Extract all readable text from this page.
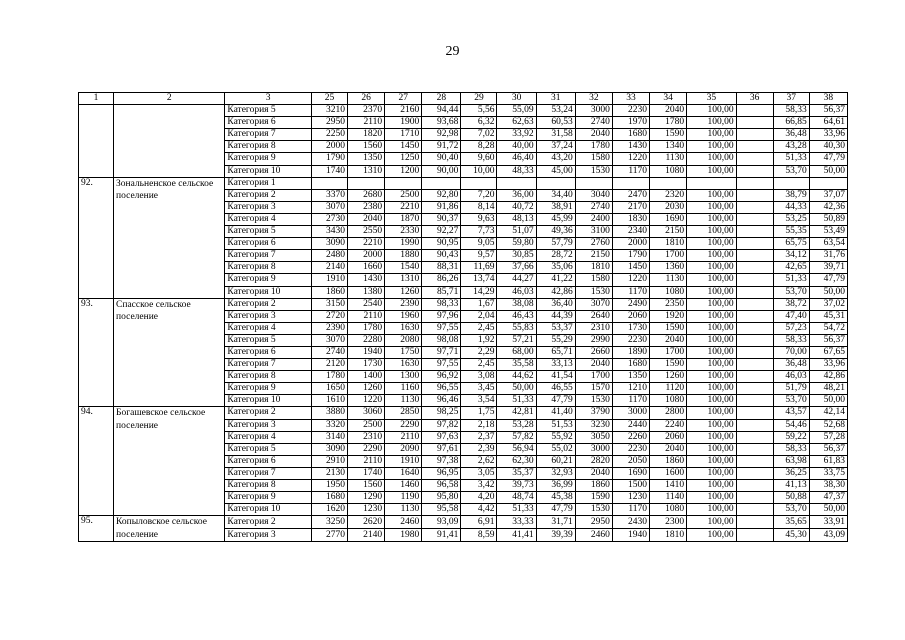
29
1	2	3	25	26	27	28	29	30	31	32	33	34	35	36	37	38
		Категория 5	3210	2370	2160	94,44	5,56	55,09	53,24	3000	2230	2040	100,00		58,33	56,37
		Категория 6	2950	2110	1900	93,68	6,32	62,63	60,53	2740	1970	1780	100,00		66,85	64,61
		Категория 7	2250	1820	1710	92,98	7,02	33,92	31,58	2040	1680	1590	100,00		36,48	33,96
		Категория 8	2000	1560	1450	91,72	8,28	40,00	37,24	1780	1430	1340	100,00		43,28	40,30
		Категория 9	1790	1350	1250	90,40	9,60	46,40	43,20	1580	1220	1130	100,00		51,33	47,79
		Категория 10	1740	1310	1200	90,00	10,00	48,33	45,00	1530	1170	1080	100,00		53,70	50,00
92.	Зональненское сельское поселение	Категория 1														
		Категория 2	3370	2680	2500	92,80	7,20	36,00	34,40	3040	2470	2320	100,00		38,79	37,07
		Категория 3	3070	2380	2210	91,86	8,14	40,72	38,91	2740	2170	2030	100,00		44,33	42,36
		Категория 4	2730	2040	1870	90,37	9,63	48,13	45,99	2400	1830	1690	100,00		53,25	50,89
		Категория 5	3430	2550	2330	92,27	7,73	51,07	49,36	3100	2340	2150	100,00		55,35	53,49
		Категория 6	3090	2210	1990	90,95	9,05	59,80	57,79	2760	2000	1810	100,00		65,75	63,54
		Категория 7	2480	2000	1880	90,43	9,57	30,85	28,72	2150	1790	1700	100,00		34,12	31,76
		Категория 8	2140	1660	1540	88,31	11,69	37,66	35,06	1810	1450	1360	100,00		42,65	39,71
		Категория 9	1910	1430	1310	86,26	13,74	44,27	41,22	1580	1220	1130	100,00		51,33	47,79
		Категория 10	1860	1380	1260	85,71	14,29	46,03	42,86	1530	1170	1080	100,00		53,70	50,00
93.	Спасское сельское поселение	Категория 2	3150	2540	2390	98,33	1,67	38,08	36,40	3070	2490	2350	100,00		38,72	37,02
		Категория 3	2720	2110	1960	97,96	2,04	46,43	44,39	2640	2060	1920	100,00		47,40	45,31
		Категория 4	2390	1780	1630	97,55	2,45	55,83	53,37	2310	1730	1590	100,00		57,23	54,72
		Категория 5	3070	2280	2080	98,08	1,92	57,21	55,29	2990	2230	2040	100,00		58,33	56,37
		Категория 6	2740	1940	1750	97,71	2,29	68,00	65,71	2660	1890	1700	100,00		70,00	67,65
		Категория 7	2120	1730	1630	97,55	2,45	35,58	33,13	2040	1680	1590	100,00		36,48	33,96
		Категория 8	1780	1400	1300	96,92	3,08	44,62	41,54	1700	1350	1260	100,00		46,03	42,86
		Категория 9	1650	1260	1160	96,55	3,45	50,00	46,55	1570	1210	1120	100,00		51,79	48,21
		Категория 10	1610	1220	1130	96,46	3,54	51,33	47,79	1530	1170	1080	100,00		53,70	50,00
94.	Богашевское сельское поселение	Категория 2	3880	3060	2850	98,25	1,75	42,81	41,40	3790	3000	2800	100,00		43,57	42,14
		Категория 3	3320	2500	2290	97,82	2,18	53,28	51,53	3230	2440	2240	100,00		54,46	52,68
		Категория 4	3140	2310	2110	97,63	2,37	57,82	55,92	3050	2260	2060	100,00		59,22	57,28
		Категория 5	3090	2290	2090	97,61	2,39	56,94	55,02	3000	2230	2040	100,00		58,33	56,37
		Категория 6	2910	2110	1910	97,38	2,62	62,30	60,21	2820	2050	1860	100,00		63,98	61,83
		Категория 7	2130	1740	1640	96,95	3,05	35,37	32,93	2040	1690	1600	100,00		36,25	33,75
		Категория 8	1950	1560	1460	96,58	3,42	39,73	36,99	1860	1500	1410	100,00		41,13	38,30
		Категория 9	1680	1290	1190	95,80	4,20	48,74	45,38	1590	1230	1140	100,00		50,88	47,37
		Категория 10	1620	1230	1130	95,58	4,42	51,33	47,79	1530	1170	1080	100,00		53,70	50,00
95.	Копыловское сельское поселение	Категория 2	3250	2620	2460	93,09	6,91	33,33	31,71	2950	2430	2300	100,00		35,65	33,91
		Категория 3	2770	2140	1980	91,41	8,59	41,41	39,39	2460	1940	1810	100,00		45,30	43,09
